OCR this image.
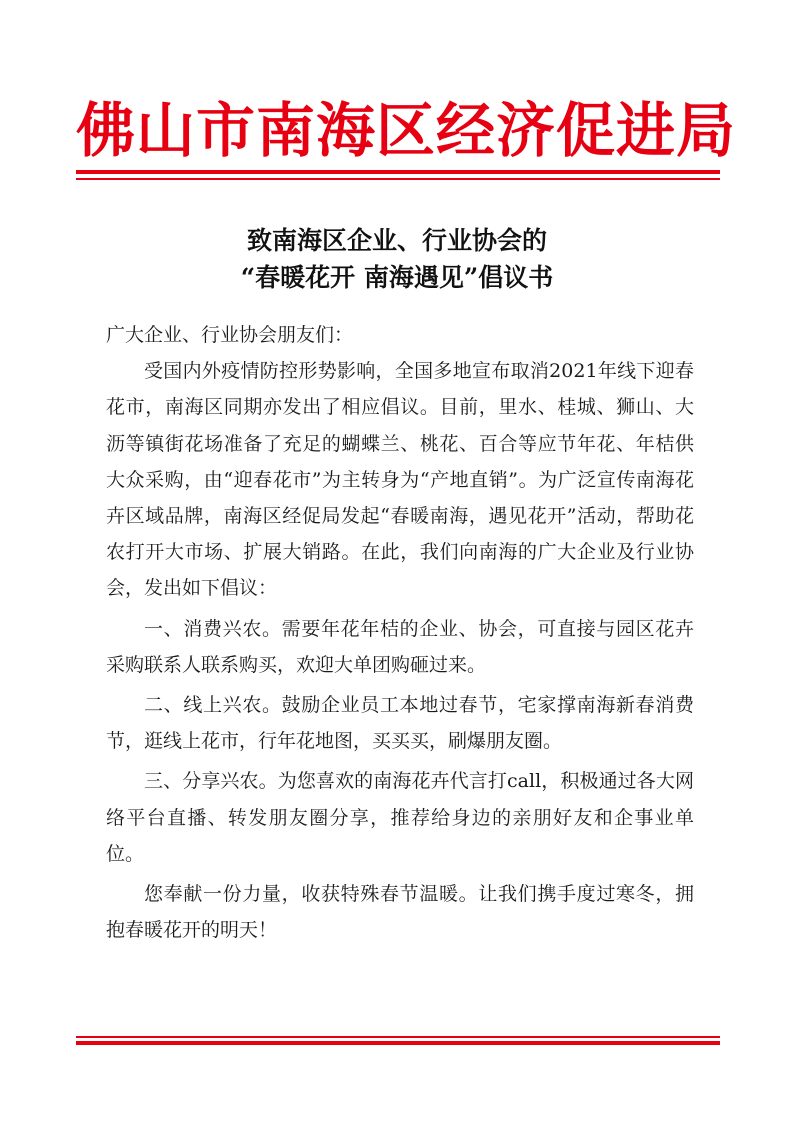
佛山市南海区经济促进局
致南海区企业、行业协会的
“春暖花开 南海遇见”倡议书

广大企业、行业协会朋友们：

受国内外疫情防控形势影响，全国多地宣布取消2021年线下迎春花市，南海区同期亦发出了相应倡议。目前，里水、桂城、狮山、大沥等镇街花场准备了充足的蝴蝶兰、桃花、百合等应节年花、年桔供大众采购，由“迎春花市”为主转身为“产地直销”。为广泛宣传南海花卉区域品牌，南海区经促局发起“春暖南海，遇见花开”活动，帮助花农打开大市场、扩展大销路。在此，我们向南海的广大企业及行业协会，发出如下倡议：

一、消费兴农。需要年花年桔的企业、协会，可直接与园区花卉采购联系人联系购买，欢迎大单团购砸过来。

二、线上兴农。鼓励企业员工本地过春节，宅家撑南海新春消费节，逛线上花市，行年花地图，买买买，刷爆朋友圈。

三、分享兴农。为您喜欢的南海花卉代言打call，积极通过各大网络平台直播、转发朋友圈分享，推荐给身边的亲朋好友和企事业单位。

您奉献一份力量，收获特殊春节温暖。让我们携手度过寒冬，拥抱春暖花开的明天！
